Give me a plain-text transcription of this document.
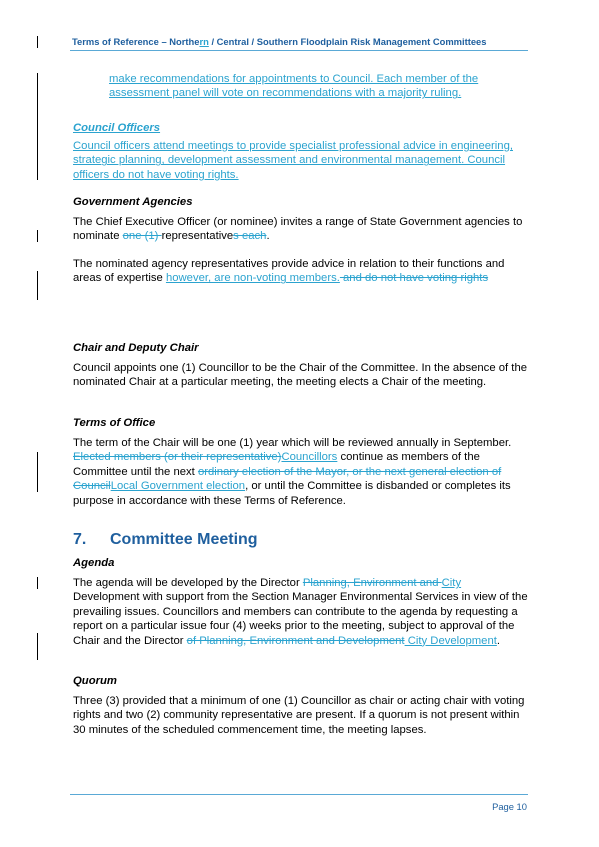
Terms of Reference – Northern / Central / Southern Floodplain Risk Management Committees
make recommendations for appointments to Council. Each member of the assessment panel will vote on recommendations with a majority ruling.
Council Officers
Council officers attend meetings to provide specialist professional advice in engineering, strategic planning, development assessment and environmental management. Council officers do not have voting rights.
Government Agencies
The Chief Executive Officer (or nominee) invites a range of State Government agencies to nominate one (1) representatives each.
The nominated agency representatives provide advice in relation to their functions and areas of expertise however, are non-voting members. and do not have voting rights
Chair and Deputy Chair
Council appoints one (1) Councillor to be the Chair of the Committee. In the absence of the nominated Chair at a particular meeting, the meeting elects a Chair of the meeting.
Terms of Office
The term of the Chair will be one (1) year which will be reviewed annually in September. Elected members (or their representative)Councillors continue as members of the Committee until the next ordinary election of the Mayor, or the next general election of CouncilLocal Government election, or until the Committee is disbanded or completes its purpose in accordance with these Terms of Reference.
7. Committee Meeting
Agenda
The agenda will be developed by the Director Planning, Environment and City Development with support from the Section Manager Environmental Services in view of the prevailing issues. Councillors and members can contribute to the agenda by requesting a report on a particular issue four (4) weeks prior to the meeting, subject to approval of the Chair and the Director of Planning, Environment and Development City Development.
Quorum
Three (3) provided that a minimum of one (1) Councillor as chair or acting chair with voting rights and two (2) community representative are present. If a quorum is not present within 30 minutes of the scheduled commencement time, the meeting lapses.
Page 10
